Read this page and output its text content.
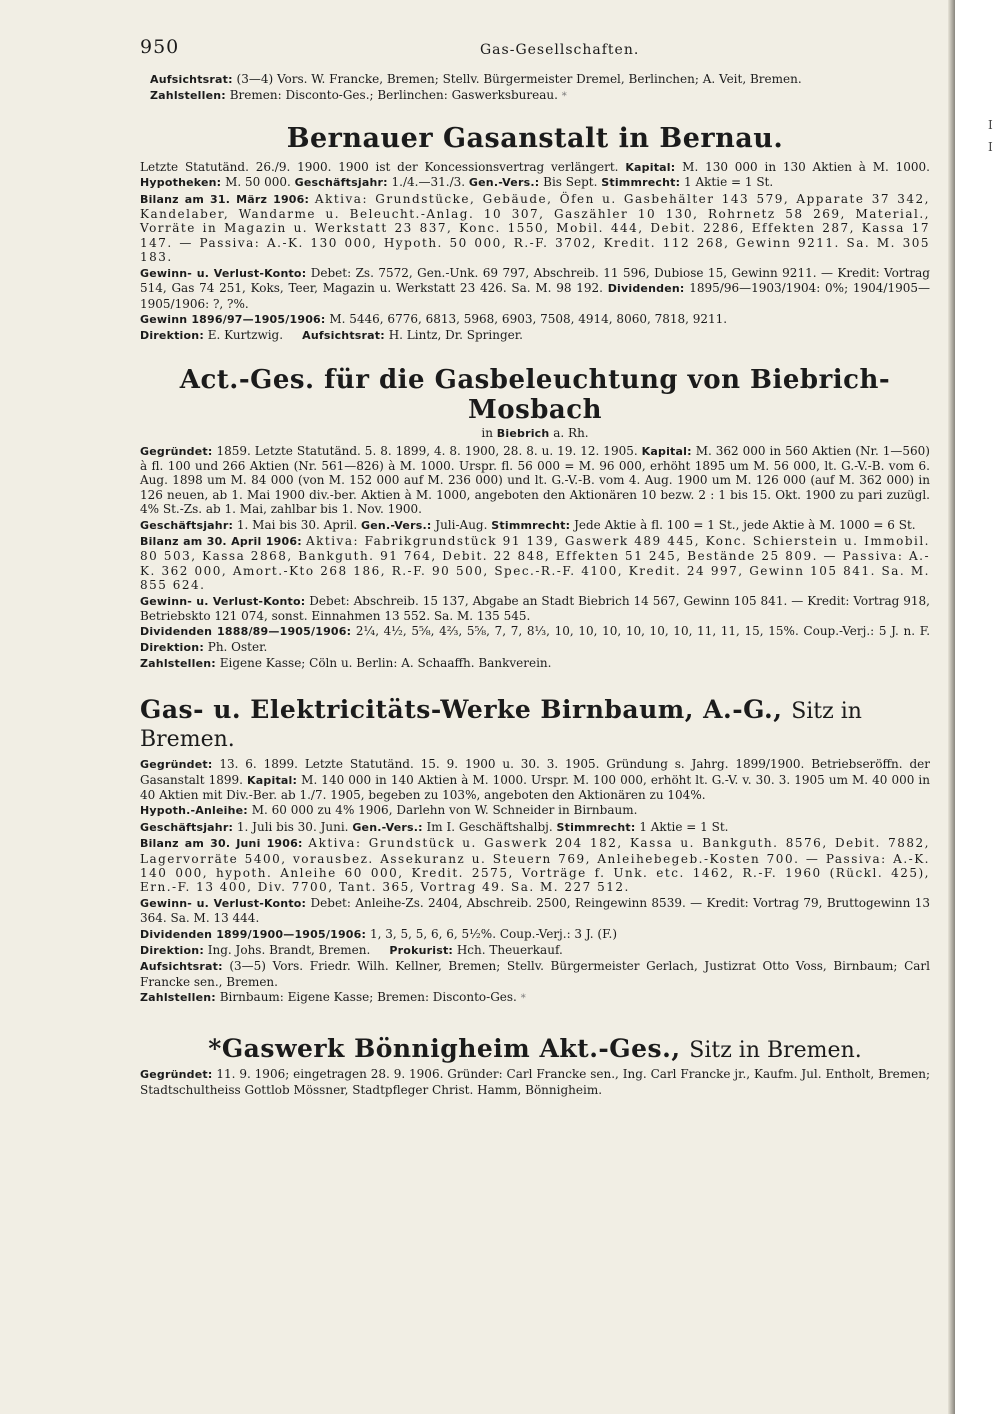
I
I
950	Gas-Gesellschaften.

Aufsichtsrat: (3—4) Vors. W. Francke, Bremen; Stellv. Bürgermeister Dremel, Berlinchen; A. Veit, Bremen.

Zahlstellen: Bremen: Disconto-Ges.; Berlinchen: Gaswerksbureau. *

Bernauer Gasanstalt in Bernau.

Letzte Statutänd. 26./9. 1900. 1900 ist der Koncessionsvertrag verlängert. Kapital: M. 130 000 in 130 Aktien à M. 1000. Hypotheken: M. 50 000. Geschäftsjahr: 1./4.—31./3. Gen.-Vers.: Bis Sept. Stimmrecht: 1 Aktie = 1 St.

Bilanz am 31. März 1906: Aktiva: Grundstücke, Gebäude, Öfen u. Gasbehälter 143 579, Apparate 37 342, Kandelaber, Wandarme u. Beleucht.-Anlag. 10 307, Gaszähler 10 130, Rohrnetz 58 269, Material., Vorräte in Magazin u. Werkstatt 23 837, Konc. 1550, Mobil. 444, Debit. 2286, Effekten 287, Kassa 17 147. — Passiva: A.-K. 130 000, Hypoth. 50 000, R.-F. 3702, Kredit. 112 268, Gewinn 9211. Sa. M. 305 183.

Gewinn- u. Verlust-Konto: Debet: Zs. 7572, Gen.-Unk. 69 797, Abschreib. 11 596, Dubiose 15, Gewinn 9211. — Kredit: Vortrag 514, Gas 74 251, Koks, Teer, Magazin u. Werkstatt 23 426. Sa. M. 98 192. Dividenden: 1895/96—1903/1904: 0%; 1904/1905—1905/1906: ?, ?%.

Gewinn 1896/97—1905/1906: M. 5446, 6776, 6813, 5968, 6903, 7508, 4914, 8060, 7818, 9211.

Direktion: E. Kurtzwig. Aufsichtsrat: H. Lintz, Dr. Springer.

Act.-Ges. für die Gasbeleuchtung von Biebrich-Mosbach

in Biebrich a. Rh.

Gegründet: 1859. Letzte Statutänd. 5. 8. 1899, 4. 8. 1900, 28. 8. u. 19. 12. 1905. Kapital: M. 362 000 in 560 Aktien (Nr. 1—560) à fl. 100 und 266 Aktien (Nr. 561—826) à M. 1000. Urspr. fl. 56 000 = M. 96 000, erhöht 1895 um M. 56 000, lt. G.-V.-B. vom 6. Aug. 1898 um M. 84 000 (von M. 152 000 auf M. 236 000) und lt. G.-V.-B. vom 4. Aug. 1900 um M. 126 000 (auf M. 362 000) in 126 neuen, ab 1. Mai 1900 div.-ber. Aktien à M. 1000, angeboten den Aktionären 10 bezw. 2 : 1 bis 15. Okt. 1900 zu pari zuzügl. 4% St.-Zs. ab 1. Mai, zahlbar bis 1. Nov. 1900.

Geschäftsjahr: 1. Mai bis 30. April. Gen.-Vers.: Juli-Aug. Stimmrecht: Jede Aktie à fl. 100 = 1 St., jede Aktie à M. 1000 = 6 St.

Bilanz am 30. April 1906: Aktiva: Fabrikgrundstück 91 139, Gaswerk 489 445, Konc. Schierstein u. Immobil. 80 503, Kassa 2868, Bankguth. 91 764, Debit. 22 848, Effekten 51 245, Bestände 25 809. — Passiva: A.-K. 362 000, Amort.-Kto 268 186, R.-F. 90 500, Spec.-R.-F. 4100, Kredit. 24 997, Gewinn 105 841. Sa. M. 855 624.

Gewinn- u. Verlust-Konto: Debet: Abschreib. 15 137, Abgabe an Stadt Biebrich 14 567, Gewinn 105 841. — Kredit: Vortrag 918, Betriebskto 121 074, sonst. Einnahmen 13 552. Sa. M. 135 545.

Dividenden 1888/89—1905/1906: 2¼, 4½, 5⅝, 4⅔, 5⅝, 7, 7, 8⅓, 10, 10, 10, 10, 10, 10, 11, 11, 15, 15%. Coup.-Verj.: 5 J. n. F. Direktion: Ph. Oster.

Zahlstellen: Eigene Kasse; Cöln u. Berlin: A. Schaaffh. Bankverein.

Gas- u. Elektricitäts-Werke Birnbaum, A.-G., Sitz in Bremen.

Gegründet: 13. 6. 1899. Letzte Statutänd. 15. 9. 1900 u. 30. 3. 1905. Gründung s. Jahrg. 1899/1900. Betriebseröffn. der Gasanstalt 1899. Kapital: M. 140 000 in 140 Aktien à M. 1000. Urspr. M. 100 000, erhöht lt. G.-V. v. 30. 3. 1905 um M. 40 000 in 40 Aktien mit Div.-Ber. ab 1./7. 1905, begeben zu 103%, angeboten den Aktionären zu 104%.

Hypoth.-Anleihe: M. 60 000 zu 4% 1906, Darlehn von W. Schneider in Birnbaum.

Geschäftsjahr: 1. Juli bis 30. Juni. Gen.-Vers.: Im I. Geschäftshalbj. Stimmrecht: 1 Aktie = 1 St.

Bilanz am 30. Juni 1906: Aktiva: Grundstück u. Gaswerk 204 182, Kassa u. Bankguth. 8576, Debit. 7882, Lagervorräte 5400, vorausbez. Assekuranz u. Steuern 769, Anleihebegeb.-Kosten 700. — Passiva: A.-K. 140 000, hypoth. Anleihe 60 000, Kredit. 2575, Vorträge f. Unk. etc. 1462, R.-F. 1960 (Rückl. 425), Ern.-F. 13 400, Div. 7700, Tant. 365, Vortrag 49. Sa. M. 227 512.

Gewinn- u. Verlust-Konto: Debet: Anleihe-Zs. 2404, Abschreib. 2500, Reingewinn 8539. — Kredit: Vortrag 79, Bruttogewinn 13 364. Sa. M. 13 444.

Dividenden 1899/1900—1905/1906: 1, 3, 5, 5, 6, 6, 5½%. Coup.-Verj.: 3 J. (F.)

Direktion: Ing. Johs. Brandt, Bremen. Prokurist: Hch. Theuerkauf.

Aufsichtsrat: (3—5) Vors. Friedr. Wilh. Kellner, Bremen; Stellv. Bürgermeister Gerlach, Justizrat Otto Voss, Birnbaum; Carl Francke sen., Bremen.

Zahlstellen: Birnbaum: Eigene Kasse; Bremen: Disconto-Ges. *

*Gaswerk Bönnigheim Akt.-Ges., Sitz in Bremen.

Gegründet: 11. 9. 1906; eingetragen 28. 9. 1906. Gründer: Carl Francke sen., Ing. Carl Francke jr., Kaufm. Jul. Entholt, Bremen; Stadtschultheiss Gottlob Mössner, Stadtpfleger Christ. Hamm, Bönnigheim.
